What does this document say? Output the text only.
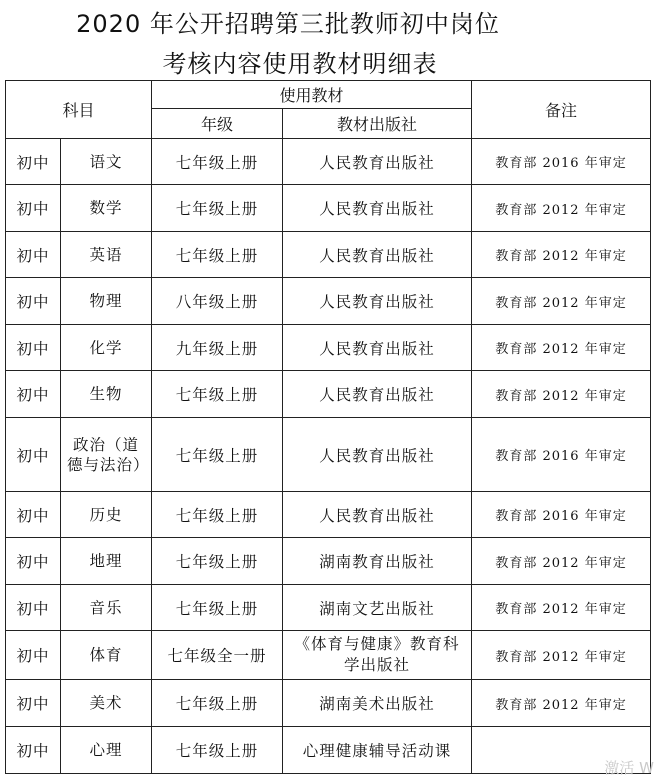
2020 年公开招聘第三批教师初中岗位
考核内容使用教材明细表
科目		使用教材		备注
		年级	教材出版社	
初中	语文	七年级上册	人民教育出版社	教育部 2016 年审定
初中	数学	七年级上册	人民教育出版社	教育部 2012 年审定
初中	英语	七年级上册	人民教育出版社	教育部 2012 年审定
初中	物理	八年级上册	人民教育出版社	教育部 2012 年审定
初中	化学	九年级上册	人民教育出版社	教育部 2012 年审定
初中	生物	七年级上册	人民教育出版社	教育部 2012 年审定
初中	政治（道德与法治）	七年级上册	人民教育出版社	教育部 2016 年审定
初中	历史	七年级上册	人民教育出版社	教育部 2016 年审定
初中	地理	七年级上册	湖南教育出版社	教育部 2012 年审定
初中	音乐	七年级上册	湖南文艺出版社	教育部 2012 年审定
初中	体育	七年级全一册	《体育与健康》教育科学出版社	教育部 2012 年审定
初中	美术	七年级上册	湖南美术出版社	教育部 2012 年审定
初中	心理	七年级上册	心理健康辅导活动课	
激活 W
